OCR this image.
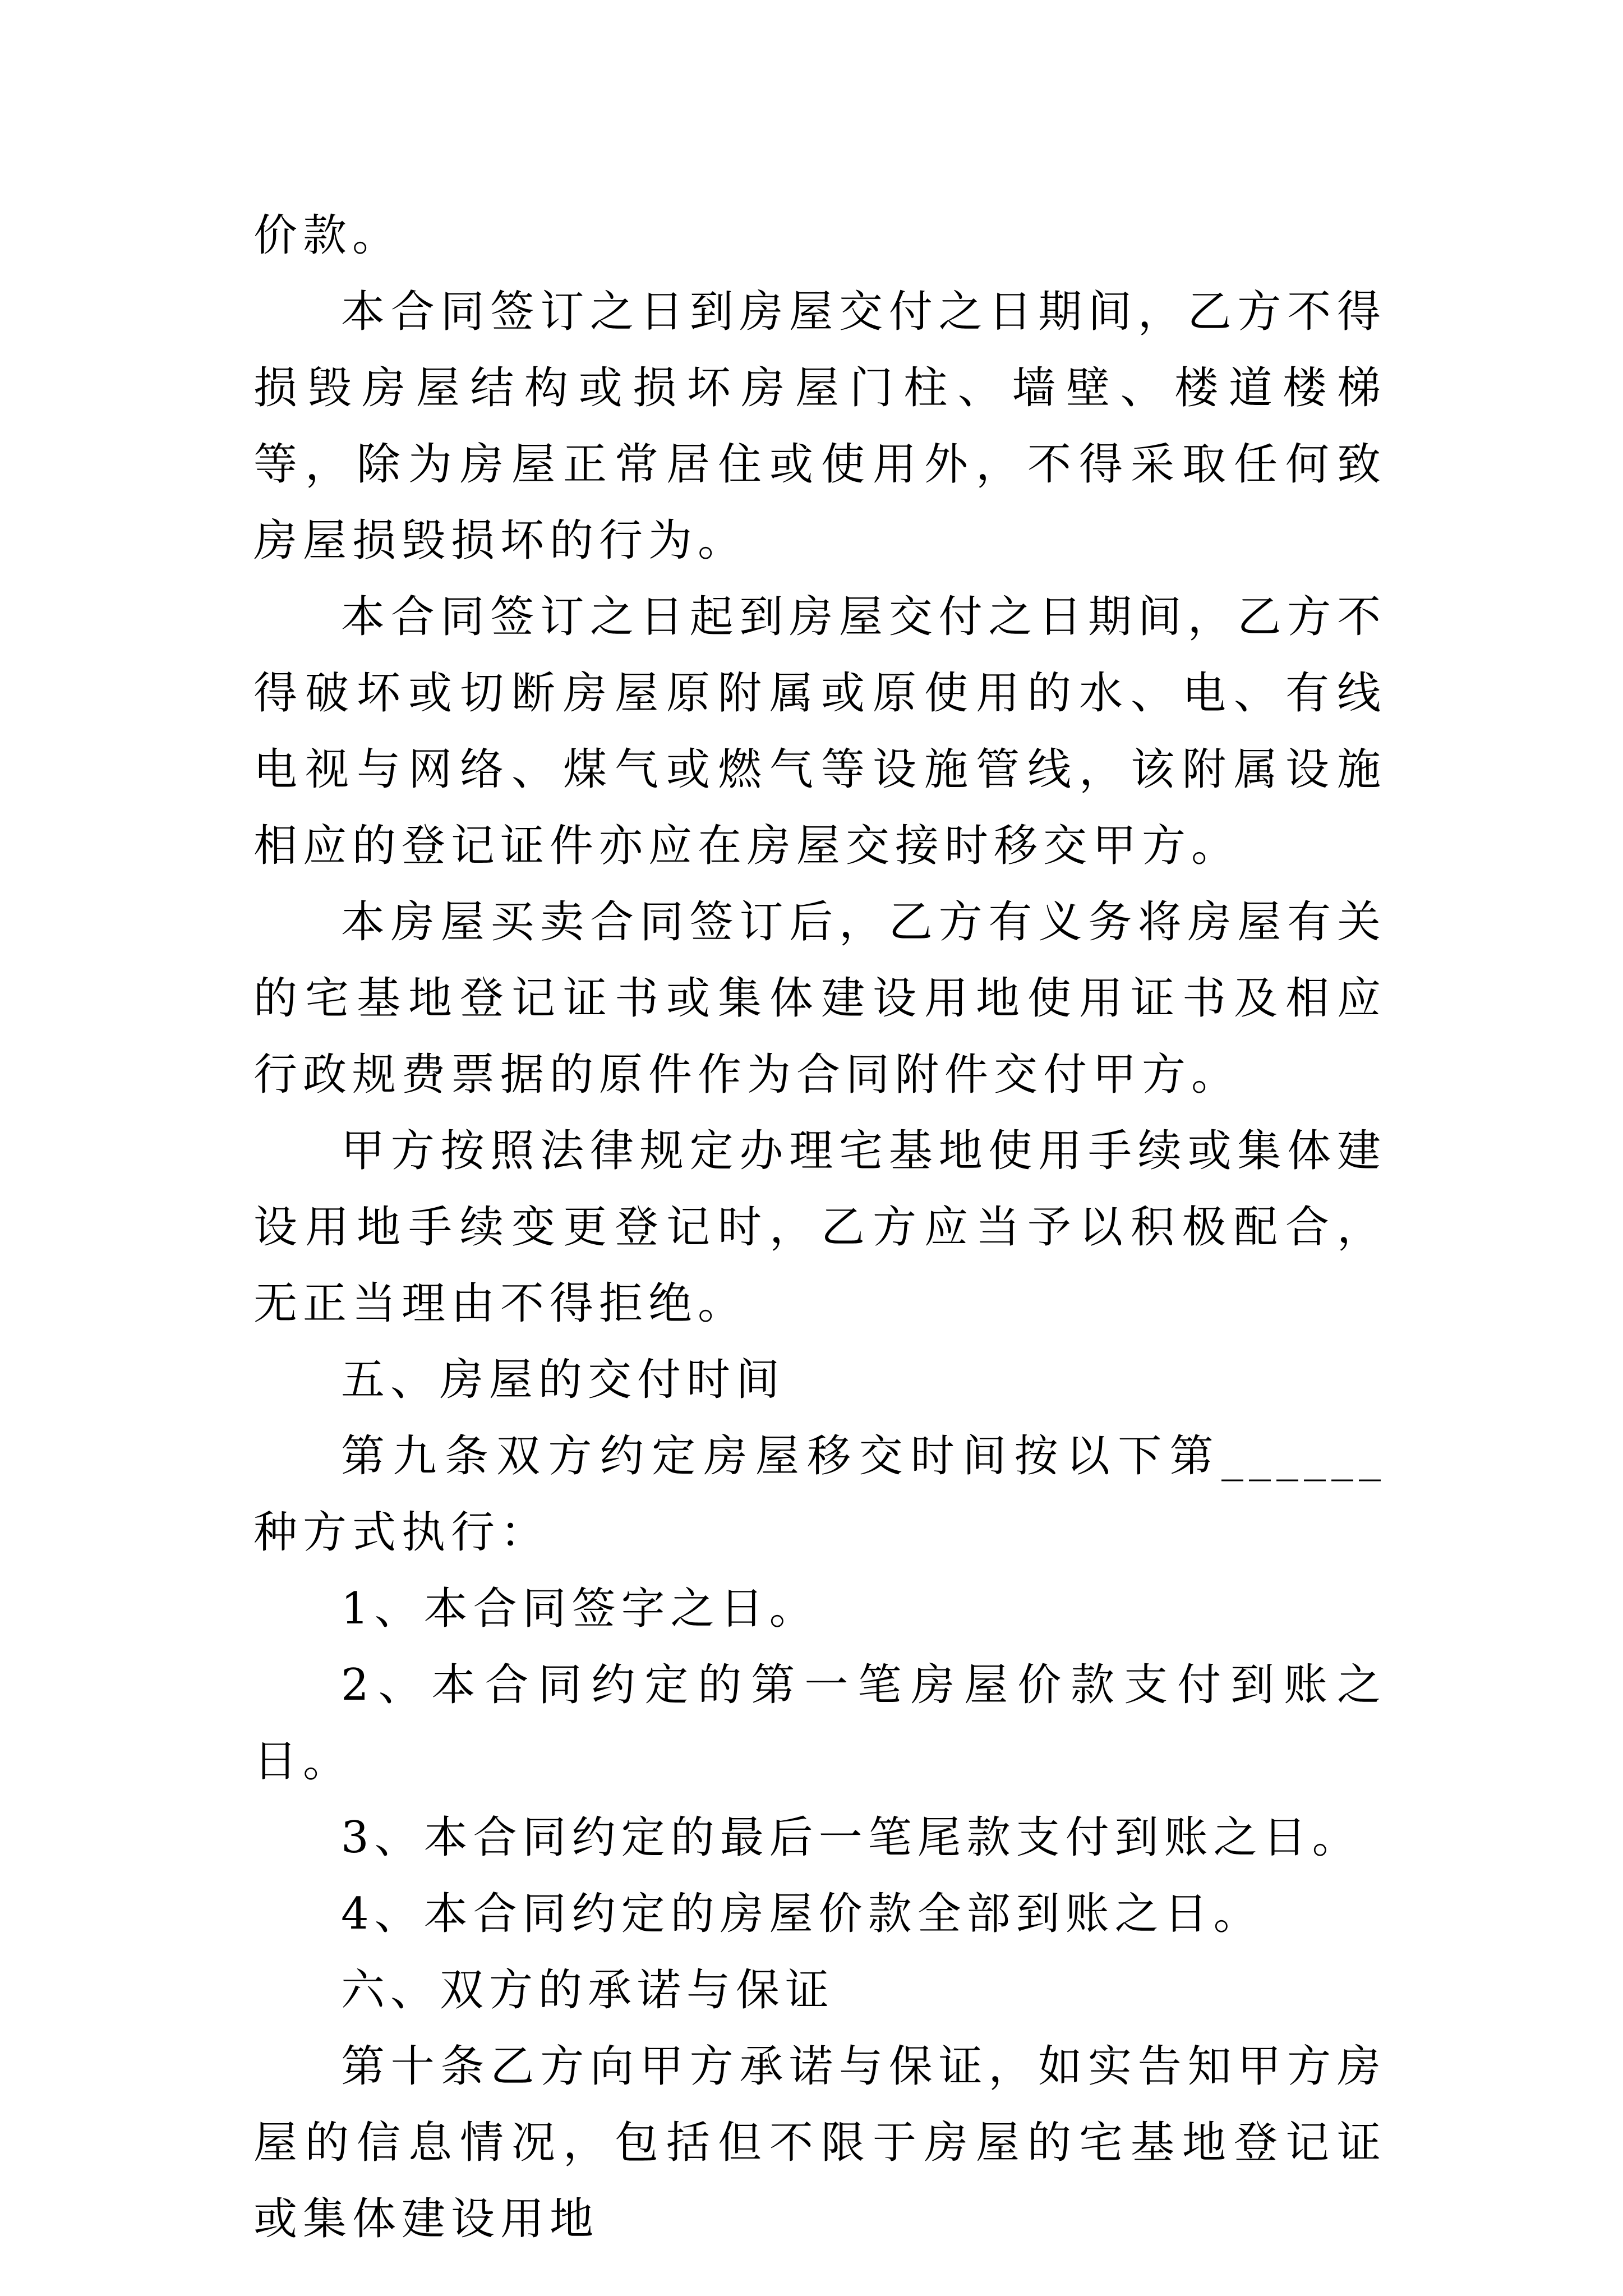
价款。

本合同签订之日到房屋交付之日期间，乙方不得损毁房屋结构或损坏房屋门柱、墙壁、楼道楼梯等，除为房屋正常居住或使用外，不得采取任何致房屋损毁损坏的行为。

本合同签订之日起到房屋交付之日期间，乙方不得破坏或切断房屋原附属或原使用的水、电、有线电视与网络、煤气或燃气等设施管线，该附属设施相应的登记证件亦应在房屋交接时移交甲方。

本房屋买卖合同签订后，乙方有义务将房屋有关的宅基地登记证书或集体建设用地使用证书及相应行政规费票据的原件作为合同附件交付甲方。

甲方按照法律规定办理宅基地使用手续或集体建设用地手续变更登记时，乙方应当予以积极配合，无正当理由不得拒绝。

五、房屋的交付时间

第九条双方约定房屋移交时间按以下第______种方式执行：

1、本合同签字之日。

2、本合同约定的第一笔房屋价款支付到账之日。

3、本合同约定的最后一笔尾款支付到账之日。

4、本合同约定的房屋价款全部到账之日。

六、双方的承诺与保证

第十条乙方向甲方承诺与保证，如实告知甲方房屋的信息情况，包括但不限于房屋的宅基地登记证或集体建设用地
